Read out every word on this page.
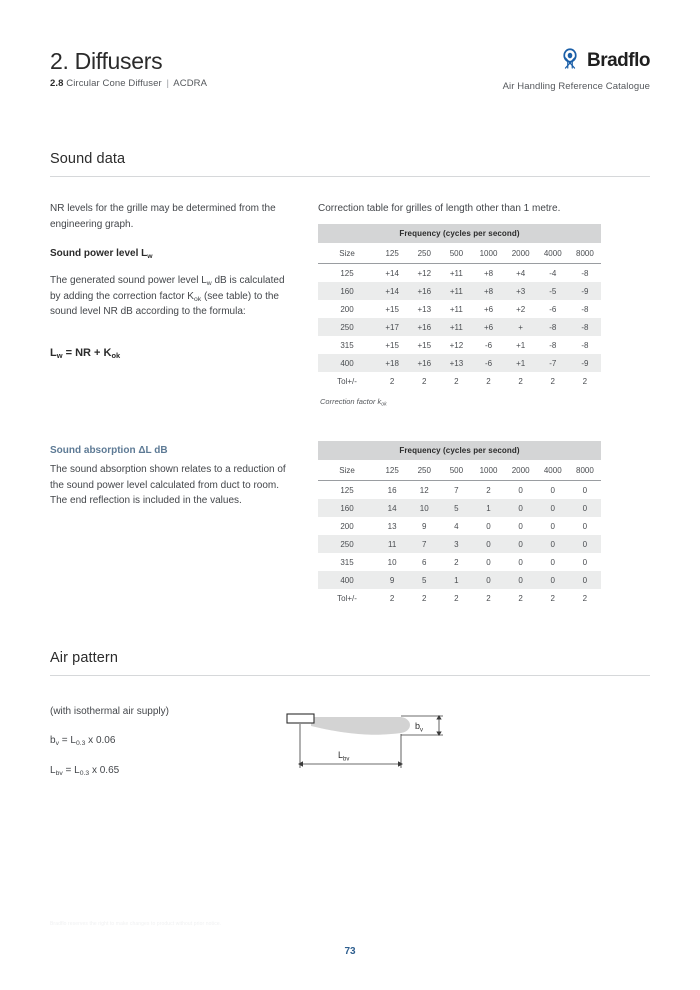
2. Diffusers
2.8 Circular Cone Diffuser | ACDRA
Bradflo
Air Handling Reference Catalogue
Sound data

NR levels for the grille may be determined from the engineering graph.

Sound power level $L_w$

The generated sound power level $L_w$ dB is calculated by adding the correction factor $K_{ok}$ (see table) to the sound level NR dB according to the formula:

$L_w$ = NR + $K_{ok}$

Sound absorption ΔL dB

The sound absorption shown relates to a reduction of the sound power level calculated from duct to room. The end reflection is included in the values.

Correction table for grilles of length other than 1 metre.
Frequency (cycles per second)							
Size	125	250	500	1000	2000	4000	8000
125	+14	+12	+11	+8	+4	-4	-8
160	+14	+16	+11	+8	+3	-5	-9
200	+15	+13	+11	+6	+2	-6	-8
250	+17	+16	+11	+6	+	-8	-8
315	+15	+15	+12	-6	+1	-8	-8
400	+18	+16	+13	-6	+1	-7	-9
Tol+/-	2	2	2	2	2	2	2
Correction factor $k_{ok}$
Frequency (cycles per second)							
Size	125	250	500	1000	2000	4000	8000
125	16	12	7	2	0	0	0
160	14	10	5	1	0	0	0
200	13	9	4	0	0	0	0
250	11	7	3	0	0	0	0
315	10	6	2	0	0	0	0
400	9	5	1	0	0	0	0
Tol+/-	2	2	2	2	2	2	2
Air pattern

(with isothermal air supply)

$b_v = L_{0.3}$ x 0.06

$L_{bv} = L_{0.3}$ x 0.65

$b_v$
$L_{bv}$
Bradflo reserves the right to make changes to product without prior notice.
73
